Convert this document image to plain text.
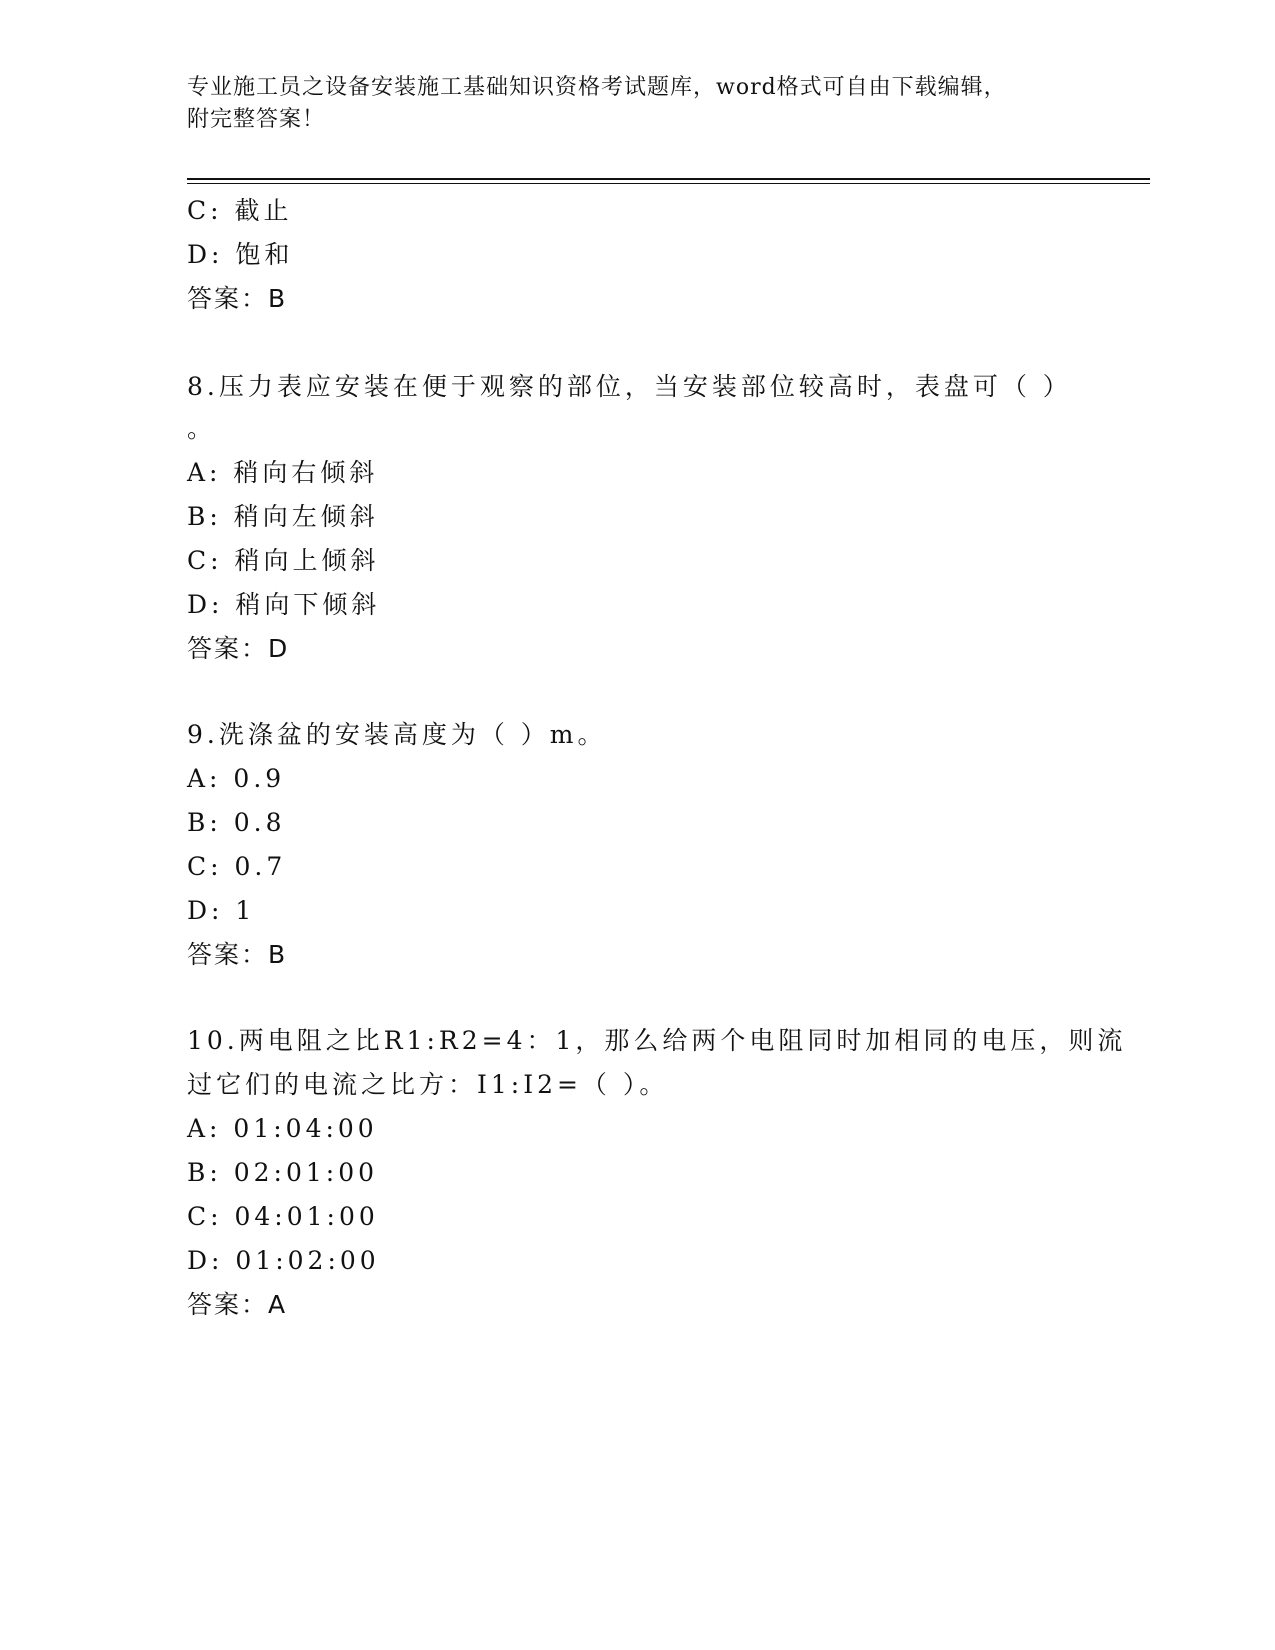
专业施工员之设备安装施工基础知识资格考试题库，word格式可自由下载编辑，
附完整答案！
C: 截止
D: 饱和
答案：B
8.压力表应安装在便于观察的部位，当安装部位较高时，表盘可（ ）
。
A: 稍向右倾斜
B: 稍向左倾斜
C: 稍向上倾斜
D: 稍向下倾斜
答案：D
9.洗涤盆的安装高度为（ ）m。
A: 0.9
B: 0.8
C: 0.7
D: 1
答案：B
10.两电阻之比R1:R2=4：1，那么给两个电阻同时加相同的电压，则流
过它们的电流之比方：I1:I2=（ ）。
A: 01:04:00
B: 02:01:00
C: 04:01:00
D: 01:02:00
答案：A
